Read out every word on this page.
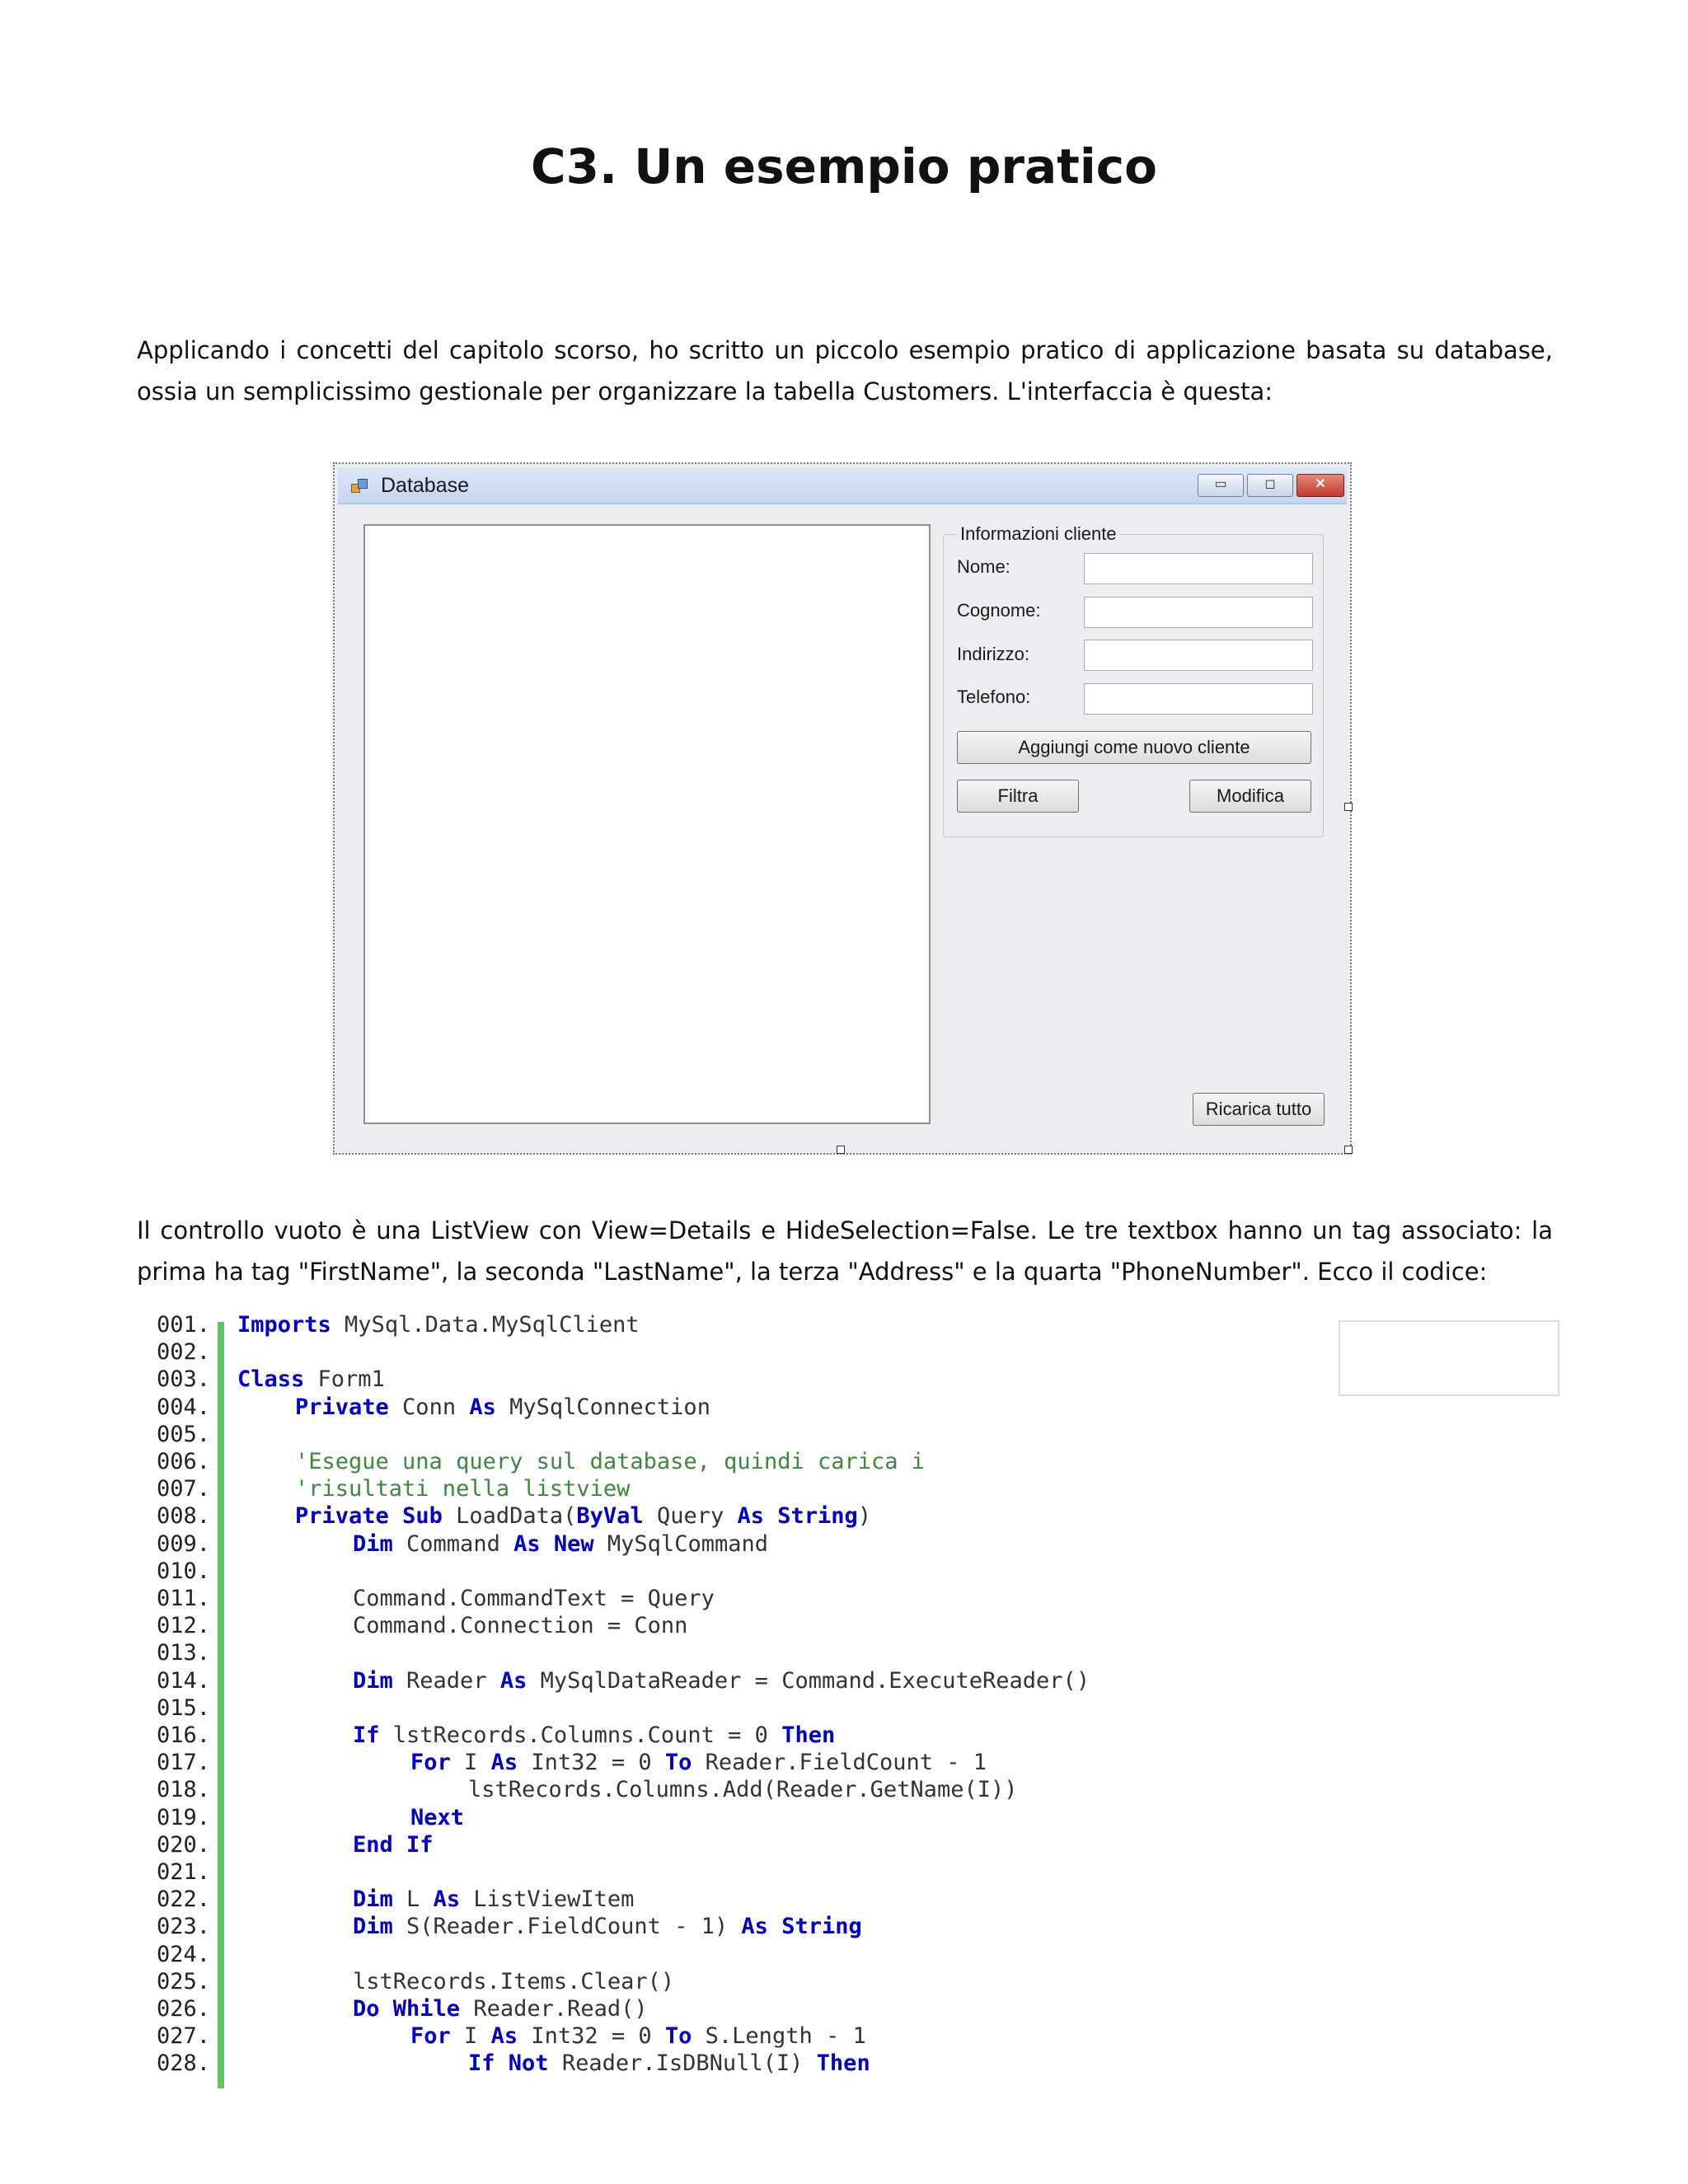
C3. Un esempio pratico

Applicando i concetti del capitolo scorso, ho scritto un piccolo esempio pratico di applicazione basata su database, ossia un semplicissimo gestionale per organizzare la tabella Customers. L'interfaccia è questa:

Database	▭	◻	✕
Informazioni cliente
Nome:
Cognome:
Indirizzo:
Telefono:
Aggiungi come nuovo cliente
Filtra	Modifica
Ricarica tutto

Il controllo vuoto è una ListView con View=Details e HideSelection=False. Le tre textbox hanno un tag associato: la prima ha tag "FirstName", la seconda "LastName", la terza "Address" e la quarta "PhoneNumber". Ecco il codice:

001. Imports MySql.Data.MySqlClient
002.
003. Class Form1
004.	Private Conn As MySqlConnection
005.
006.	'Esegue una query sul database, quindi carica i
007.	'risultati nella listview
008.	Private Sub LoadData(ByVal Query As String)
009.	Dim Command As New MySqlCommand
010.
011.	Command.CommandText = Query
012.	Command.Connection = Conn
013.
014.	Dim Reader As MySqlDataReader = Command.ExecuteReader()
015.
016.	If lstRecords.Columns.Count = 0 Then
017.	For I As Int32 = 0 To Reader.FieldCount - 1
018.	lstRecords.Columns.Add(Reader.GetName(I))
019.	Next
020.	End If
021.
022.	Dim L As ListViewItem
023.	Dim S(Reader.FieldCount - 1) As String
024.
025.	lstRecords.Items.Clear()
026.	Do While Reader.Read()
027.	For I As Int32 = 0 To S.Length - 1
028.	If Not Reader.IsDBNull(I) Then
